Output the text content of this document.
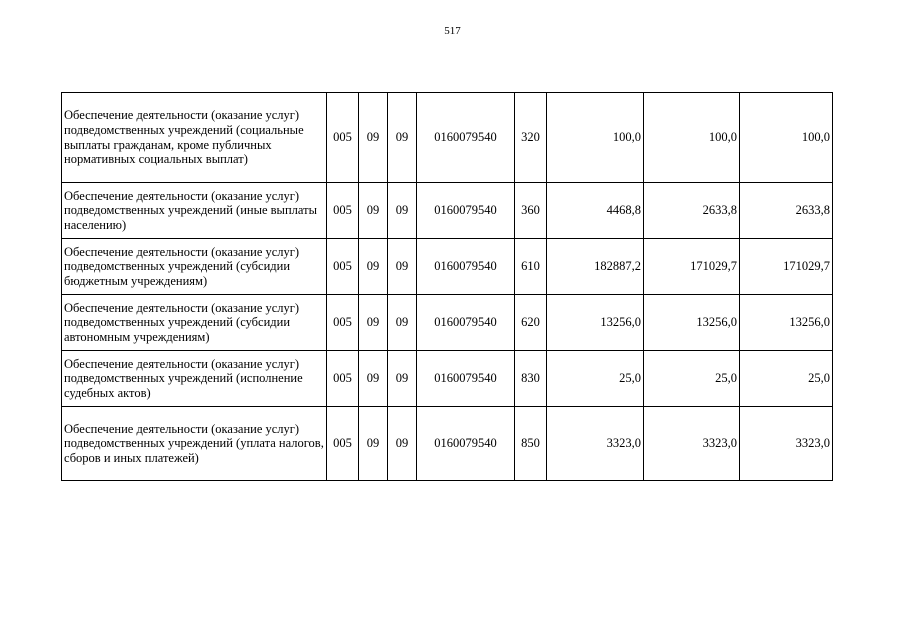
517
Обеспечение деятельности (оказание услуг) подведомственных учреждений (социальные выплаты гражданам, кроме публичных нормативных социальных выплат)	005	09	09	0160079540	320	100,0	100,0	100,0
Обеспечение деятельности (оказание услуг) подведомственных учреждений (иные выплаты населению)	005	09	09	0160079540	360	4468,8	2633,8	2633,8
Обеспечение деятельности (оказание услуг) подведомственных учреждений (субсидии бюджетным учреждениям)	005	09	09	0160079540	610	182887,2	171029,7	171029,7
Обеспечение деятельности (оказание услуг) подведомственных учреждений (субсидии автономным учреждениям)	005	09	09	0160079540	620	13256,0	13256,0	13256,0
Обеспечение деятельности (оказание услуг) подведомственных учреждений (исполнение судебных актов)	005	09	09	0160079540	830	25,0	25,0	25,0
Обеспечение деятельности (оказание услуг) подведомственных учреждений (уплата налогов, сборов и иных платежей)	005	09	09	0160079540	850	3323,0	3323,0	3323,0
